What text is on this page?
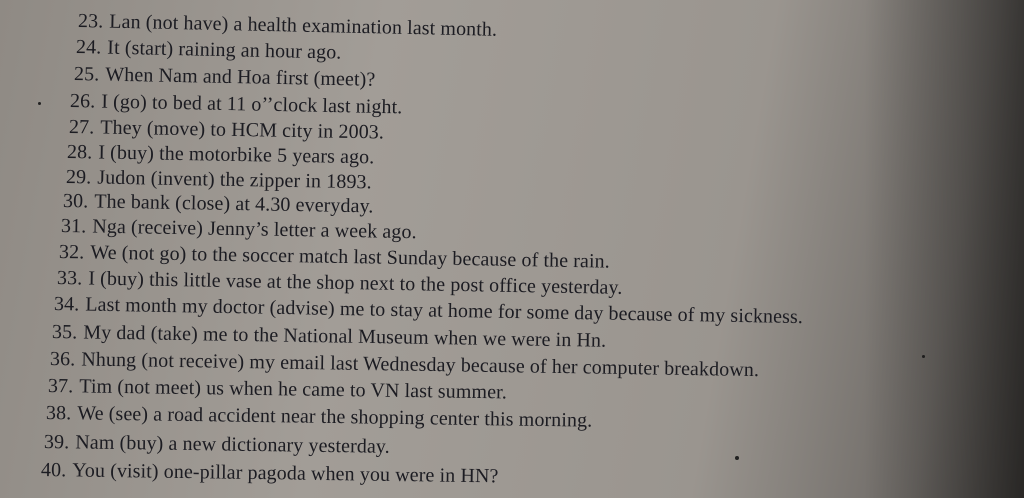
23. Lan (not have) a health examination last month.
24. It (start) raining an hour ago.
25. When Nam and Hoa first (meet)?
26. I (go) to bed at 11 o’’clock last night.
27. They (move) to HCM city in 2003.
28. I (buy) the motorbike 5 years ago.
29. Judon (invent) the zipper in 1893.
30. The bank (close) at 4.30 everyday.
31. Nga (receive) Jenny’s letter a week ago.
32. We (not go) to the soccer match last Sunday because of the rain.
33. I (buy) this little vase at the shop next to the post office yesterday.
34. Last month my doctor (advise) me to stay at home for some day because of my sickness.
35. My dad (take) me to the National Museum when we were in Hn.
36. Nhung (not receive) my email last Wednesday because of her computer breakdown.
37. Tim (not meet) us when he came to VN last summer.
38. We (see) a road accident near the shopping center this morning.
39. Nam (buy) a new dictionary yesterday.
40. You (visit) one-pillar pagoda when you were in HN?
